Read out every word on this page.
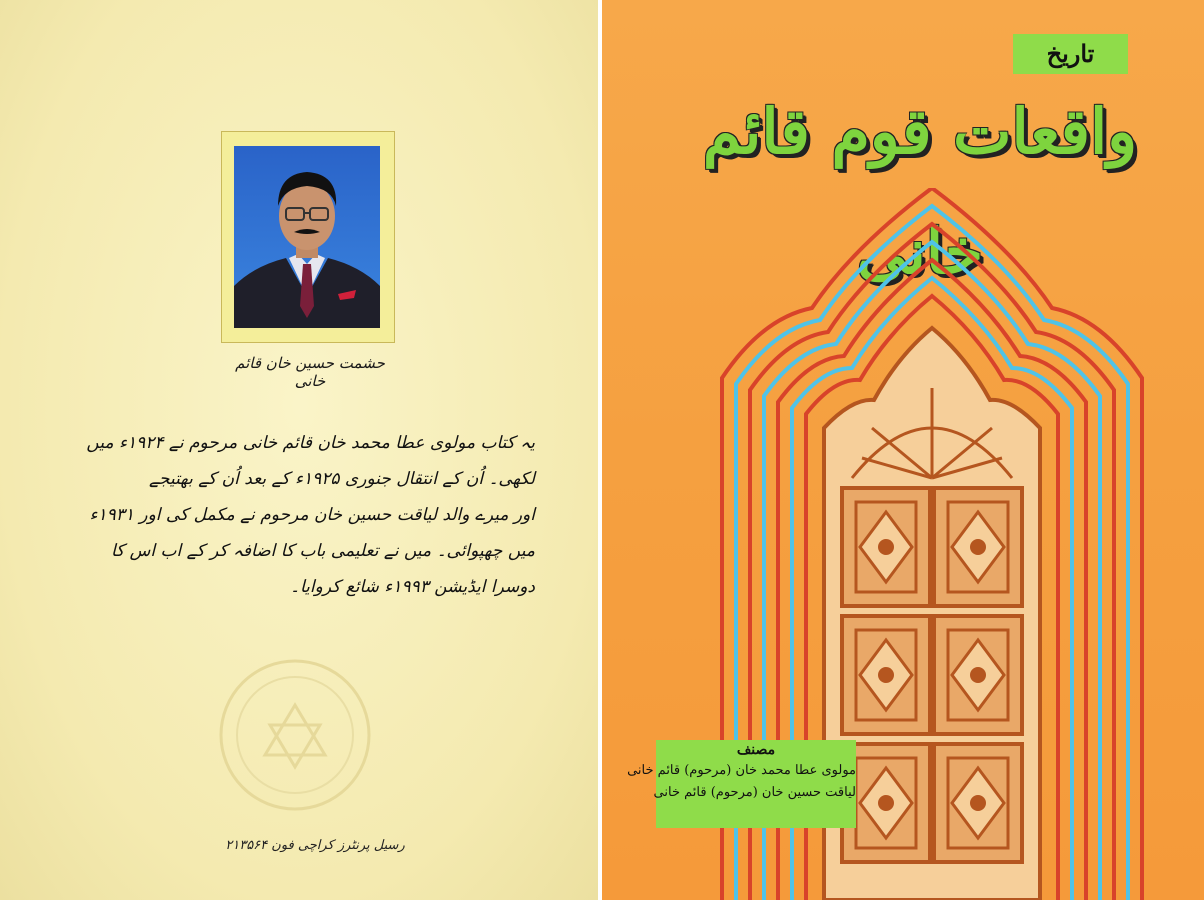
حشمت حسین خان قائم خانی
یہ کتاب مولوی عطا محمد خان قائم خانی مرحوم نے ۱۹۲۴ء میں
لکھی۔ اُن کے انتقال جنوری ۱۹۲۵ء کے بعد اُن کے بھتیجے
اور میرے والد لیاقت حسین خان مرحوم نے مکمل کی اور ۱۹۳۱ء
میں چھپوائی۔ میں نے تعلیمی باب کا اضافہ کر کے اب اس کا
دوسرا ایڈیشن ۱۹۹۳ء شائع کروایا۔
رسیل پرنٹرز کراچی فون ۲۱۳۵۶۴
تاریخ
واقعات قوم قائم خانی
مصنف
مولوی عطا محمد خان (مرحوم) قائم خانی
لیاقت حسین خان (مرحوم) قائم خانی
